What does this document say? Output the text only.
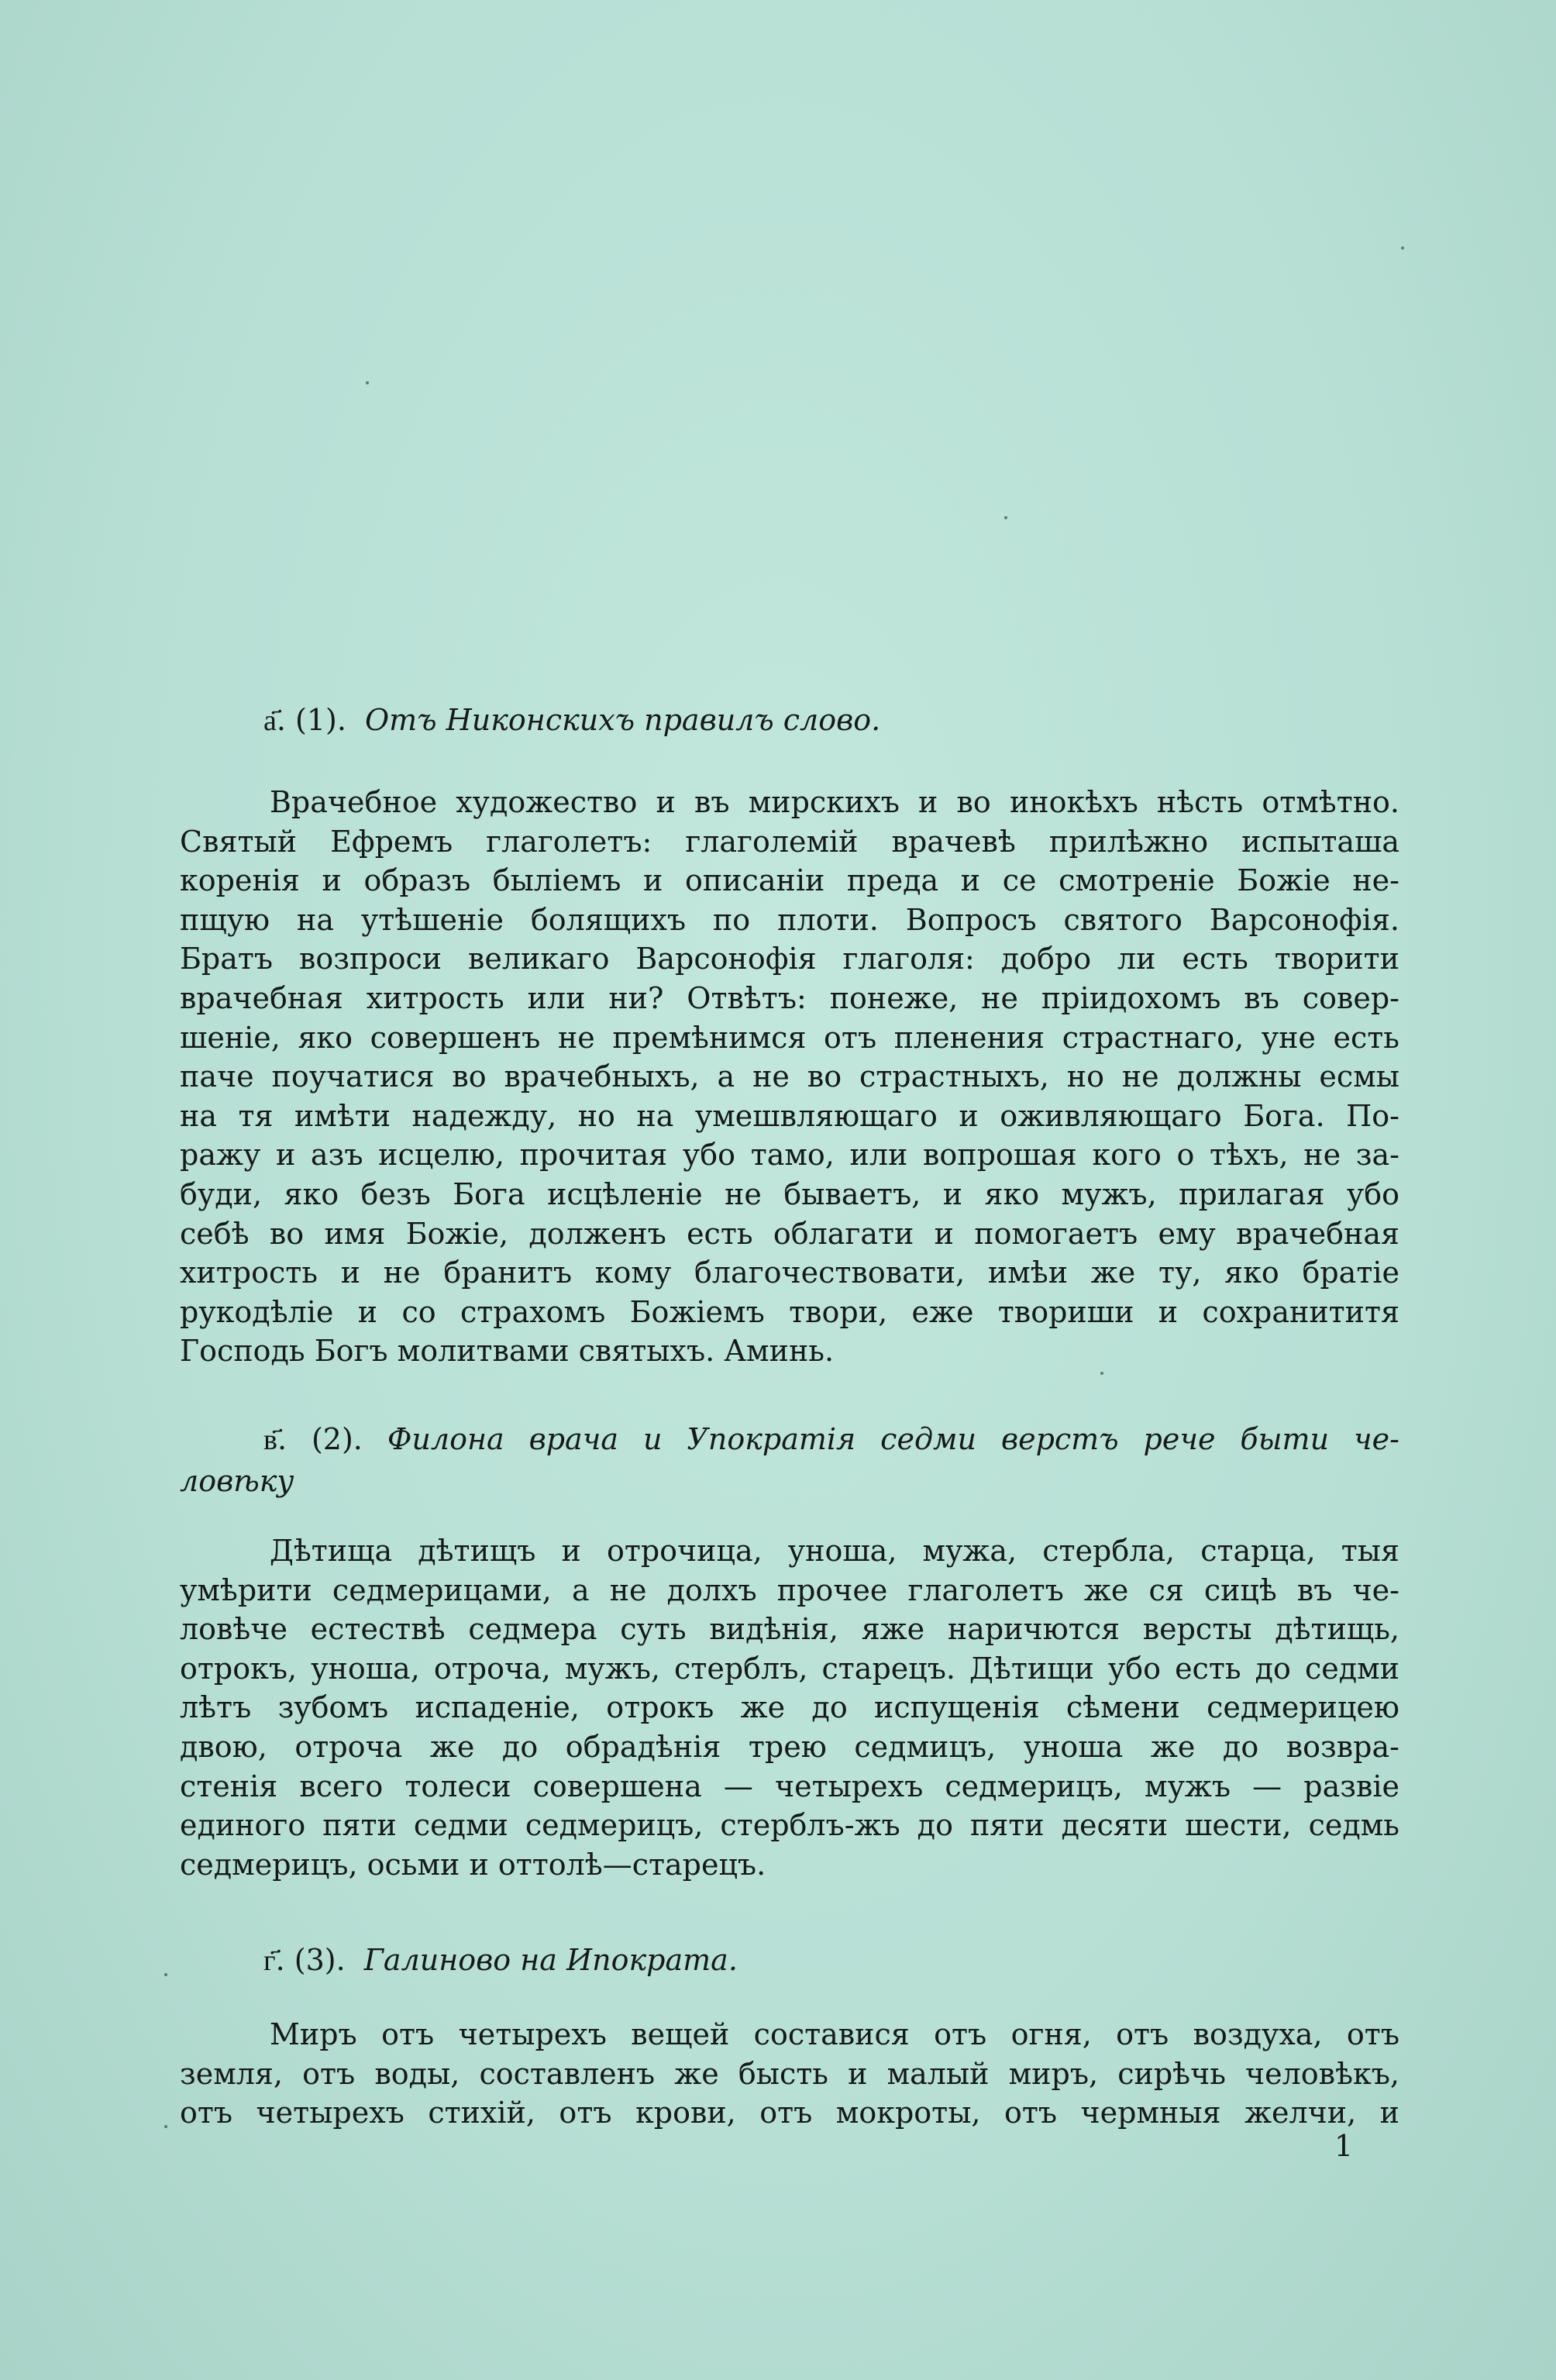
а҃. (1). Отъ Никонскихъ правилъ слово.
Врачебное художество и въ мирскихъ и во инокѣхъ нѣсть отмѣтно.
Святый Ефремъ глаголетъ: глаголемій врачевѣ прилѣжно испыташа
коренія и образъ былiемъ и описанiи преда и се смотренiе Божiе не-
пщую на утѣшенiе болящихъ по плоти. Вопросъ святого Варсонофія.
Братъ возпроси великаго Варсонофія глаголя: добро ли есть творити
врачебная хитрость или ни? Отвѣтъ: понеже, не пріидохомъ въ совер-
шенiе, яко совершенъ не премѣнимся отъ пленения страстнаго, уне есть
паче поучатися во врачебныхъ, а не во страстныхъ, но не должны есмы
на тя имѣти надежду, но на умешвляющаго и оживляющаго Бога. По-
ражу и азъ исцелю, прочитая убо тамо, или вопрошая кого о тѣхъ, не за-
буди, яко безъ Бога исцѣленiе не бываетъ, и яко мужъ, прилагая убо
себѣ во имя Божiе, долженъ есть облагати и помогаетъ ему врачебная
хитрость и не бранитъ кому благочествовати, имѣи же ту, яко братiе
рукодѣлiе и со страхомъ Божiемъ твори, еже твориши и сохранититя
Господь Богъ молитвами святыхъ. Аминь.
в҃. (2). Филона врача и Упократія седми верстъ рече быти че-
ловѣку
Дѣтища дѣтищъ и отрочица, уноша, мужа, стербла, старца, тыя
умѣрити седмерицами, а не долхъ прочее глаголетъ же ся сицѣ въ че-
ловѣче естествѣ седмера суть видѣнія, яже наричются версты дѣтищь,
отрокъ, уноша, отроча, мужъ, стерблъ, старецъ. Дѣтищи убо есть до седми
лѣтъ зубомъ испаденiе, отрокъ же до испущенія сѣмени седмерицею
двою, отроча же до обрадѣнія трею седмицъ, уноша же до возвра-
стенія всего толеси совершена — четырехъ седмерицъ, мужъ — развiе
единого пяти седми седмерицъ, стерблъ-жъ до пяти десяти шести, седмь
седмерицъ, осьми и оттолѣ—старецъ.
г҃. (3). Галиново на Ипократа.
Миръ отъ четырехъ вещей составися отъ огня, отъ воздуха, отъ
земля, отъ воды, составленъ же бысть и малый миръ, сирѣчь человѣкъ,
отъ четырехъ стихій, отъ крови, отъ мокроты, отъ чермныя желчи, и
1
